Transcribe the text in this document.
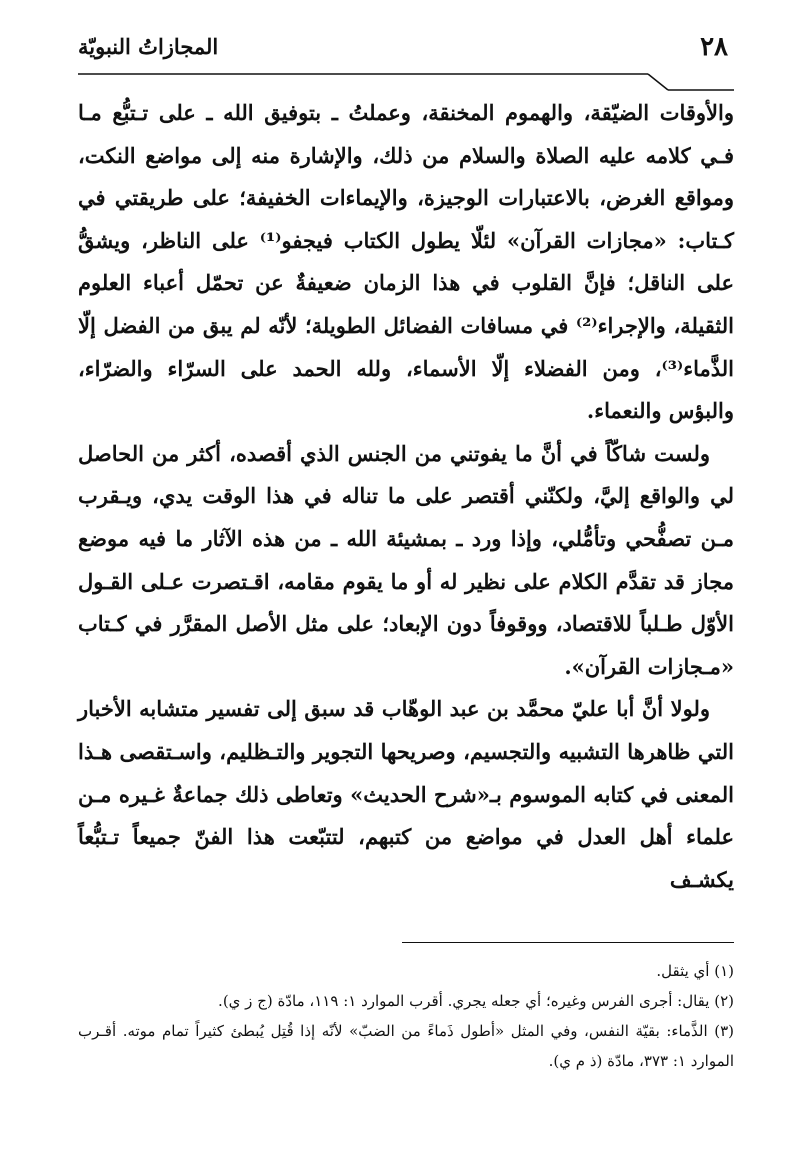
٢٨
المجازاتُ النبويّة

والأوقات الضيّقة، والهموم المخنقة، وعملتُ ـ بتوفيق الله ـ على تـتبُّع مـا فـي كلامه عليه الصلاة والسلام من ذلك، والإشارة منه إلى مواضع النكت، ومواقع الغرض، بالاعتبارات الوجيزة، والإيماءات الخفيفة؛ على طريقتي في كـتاب: «مجازات القرآن» لئلّا يطول الكتاب فيجفو⁽¹⁾ على الناظر، ويشقُّ على الناقل؛ فإنَّ القلوب في هذا الزمان ضعيفةٌ عن تحمّل أعباء العلوم الثقيلة، والإجراء⁽²⁾ في مسافات الفضائل الطويلة؛ لأنّه لم يبق من الفضل إلّا الذَّماء⁽³⁾، ومن الفضلاء إلّا الأسماء، ولله الحمد على السرّاء والضرّاء، والبؤس والنعماء.

ولست شاكّاً في أنَّ ما يفوتني من الجنس الذي أقصده، أكثر من الحاصل لي والواقع إليَّ، ولكنّني أقتصر على ما تناله في هذا الوقت يدي، ويـقرب مـن تصفُّحي وتأمُّلي، وإذا ورد ـ بمشيئة الله ـ من هذه الآثار ما فيه موضع مجاز قد تقدَّم الكلام على نظير له أو ما يقوم مقامه، اقـتصرت عـلى القـول الأوّل طـلباً للاقتصاد، ووقوفاً دون الإبعاد؛ على مثل الأصل المقرَّر في كـتاب «مـجازات القرآن».

ولولا أنَّ أبا عليّ محمَّد بن عبد الوهّاب قد سبق إلى تفسير متشابه الأخبار التي ظاهرها التشبيه والتجسيم، وصريحها التجوير والتـظليم، واسـتقصى هـذا المعنى في كتابه الموسوم بـ«شرح الحديث» وتعاطى ذلك جماعةٌ غـيره مـن علماء أهل العدل في مواضع من كتبهم، لتتبّعت هذا الفنّ جميعاً تـتبُّعاً يكشـف

(١) أي يثقل.

(٢) يقال: أجرى الفرس وغيره؛ أي جعله يجري. أقرب الموارد ١: ١١٩، مادّة (ج ز ي).

(٣) الذَّماء: بقيّة النفس، وفي المثل «أطول ذَماءً من الضبّ» لأنّه إذا قُتِل يُبطئ كثيراً تمام موته. أقـرب الموارد ١: ٣٧٣، مادّة (ذ م ي).
